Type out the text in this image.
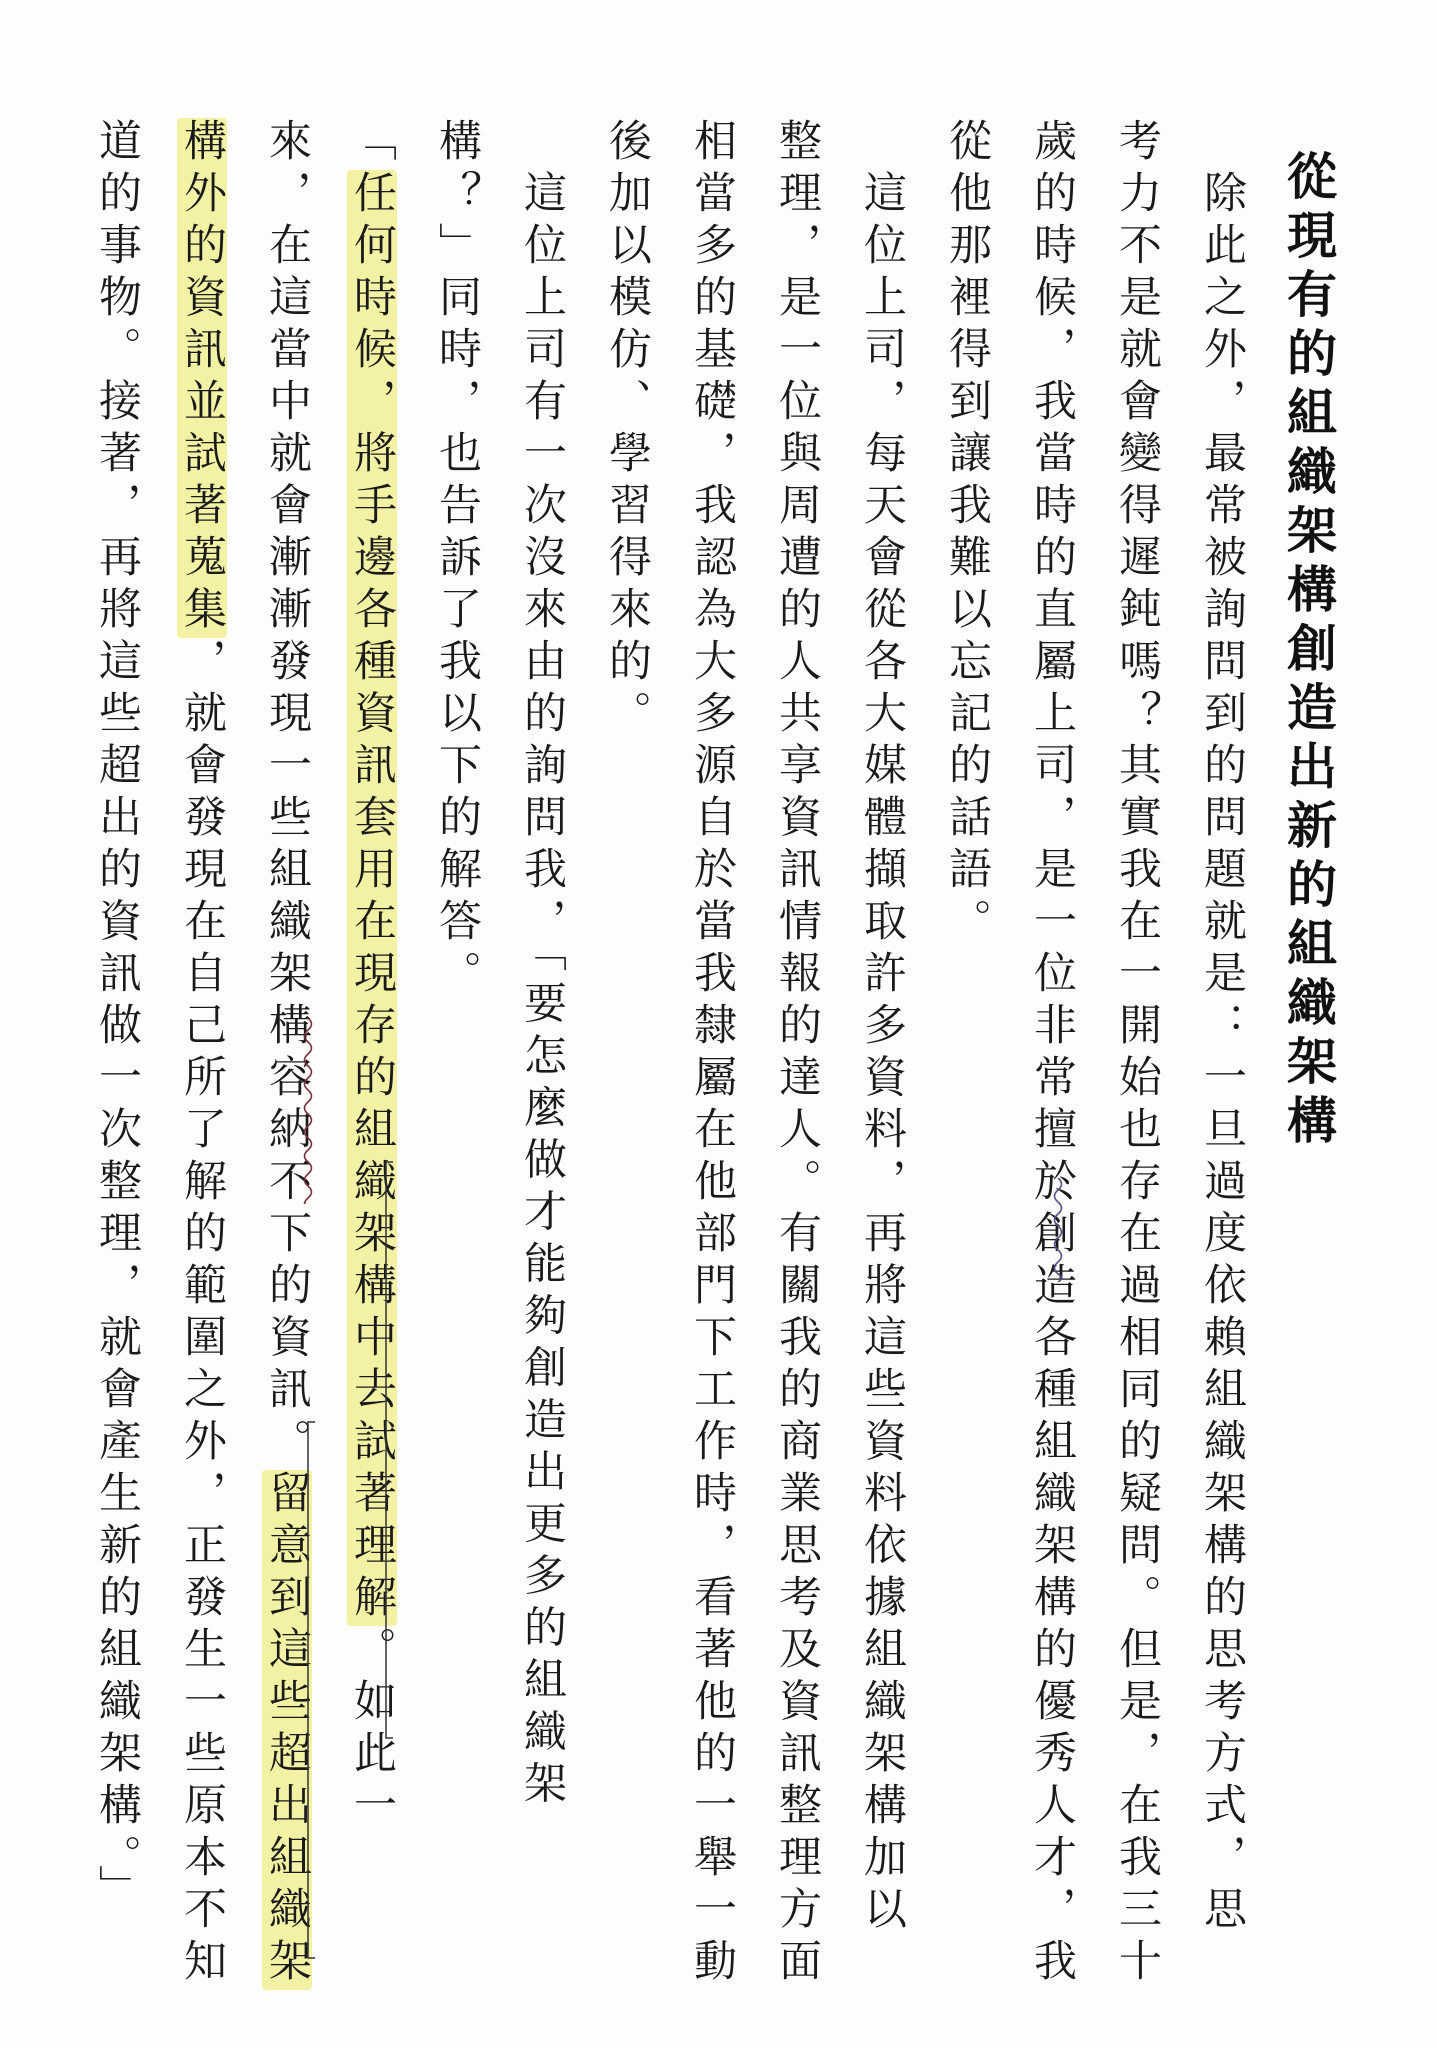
從現有的組織架構創造出新的組織架構
　除此之外，最常被詢問到的問題就是：一旦過度依賴組織架構的思考方式，思
考力不是就會變得遲鈍嗎？其實我在一開始也存在過相同的疑問。但是，在我三十
歲的時候，我當時的直屬上司，是一位非常擅於創造各種組織架構的優秀人才，我
從他那裡得到讓我難以忘記的話語。
　這位上司，每天會從各大媒體擷取許多資料，再將這些資料依據組織架構加以
整理，是一位與周遭的人共享資訊情報的達人。有關我的商業思考及資訊整理方面
相當多的基礎，我認為大多源自於當我隸屬在他部門下工作時，看著他的一舉一動
後加以模仿、學習得來的。
　這位上司有一次沒來由的詢問我，「要怎麼做才能夠創造出更多的組織架
構？」同時，也告訴了我以下的解答。
「任何時候，將手邊各種資訊套用在現存的組織架構中去試著理解。如此一
來，在這當中就會漸漸發現一些組織架構容納不下的資訊。留意到這些超出組織架
構外的資訊並試著蒐集，就會發現在自己所了解的範圍之外，正發生一些原本不知
道的事物。接著，再將這些超出的資訊做一次整理，就會產生新的組織架構。」
